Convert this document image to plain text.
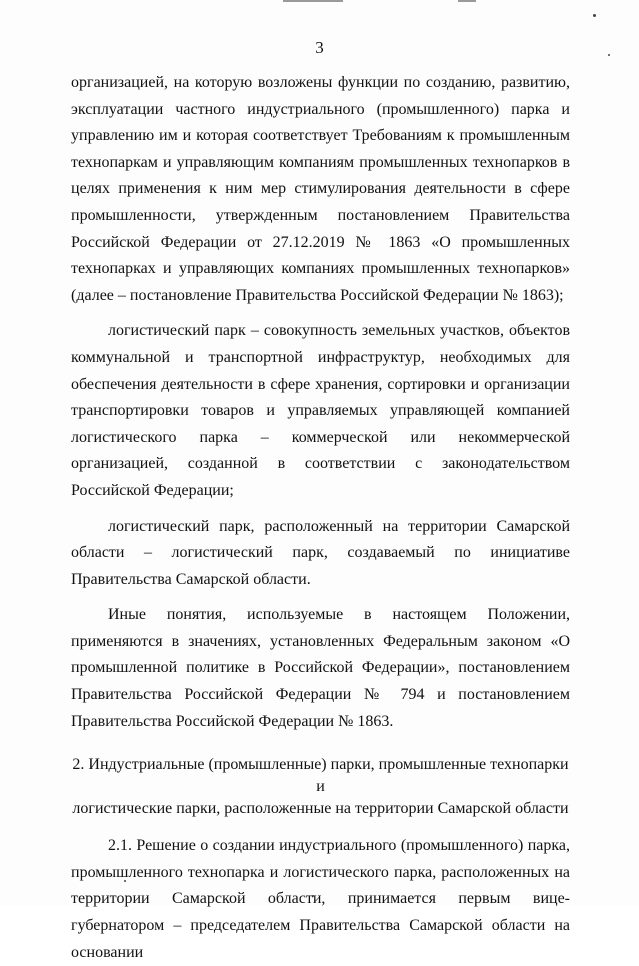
3

организацией, на которую возложены функции по созданию, развитию, эксплуатации частного индустриального (промышленного) парка и управлению им и которая соответствует Требованиям к промышленным технопаркам и управляющим компаниям промышленных технопарков в целях применения к ним мер стимулирования деятельности в сфере промышленности, утвержденным постановлением Правительства Российской Федерации от 27.12.2019 № 1863 «О промышленных технопарках и управляющих компаниях промышленных технопарков» (далее – постановление Правительства Российской Федерации № 1863);

логистический парк – совокупность земельных участков, объектов коммунальной и транспортной инфраструктур, необходимых для обеспечения деятельности в сфере хранения, сортировки и организации транспортировки товаров и управляемых управляющей компанией логистического парка – коммерческой или некоммерческой организацией, созданной в соответствии с законодательством Российской Федерации;

логистический парк, расположенный на территории Самарской области – логистический парк, создаваемый по инициативе Правительства Самарской области.

Иные понятия, используемые в настоящем Положении, применяются в значениях, установленных Федеральным законом «О промышленной политике в Российской Федерации», постановлением Правительства Российской Федерации № 794 и постановлением Правительства Российской Федерации № 1863.

2. Индустриальные (промышленные) парки, промышленные технопарки и
логистические парки, расположенные на территории Самарской области

2.1. Решение о создании индустриального (промышленного) парка, промышленного технопарка и логистического парка, расположенных на территории Самарской области, принимается первым вице-губернатором – председателем Правительства Самарской области на основании
